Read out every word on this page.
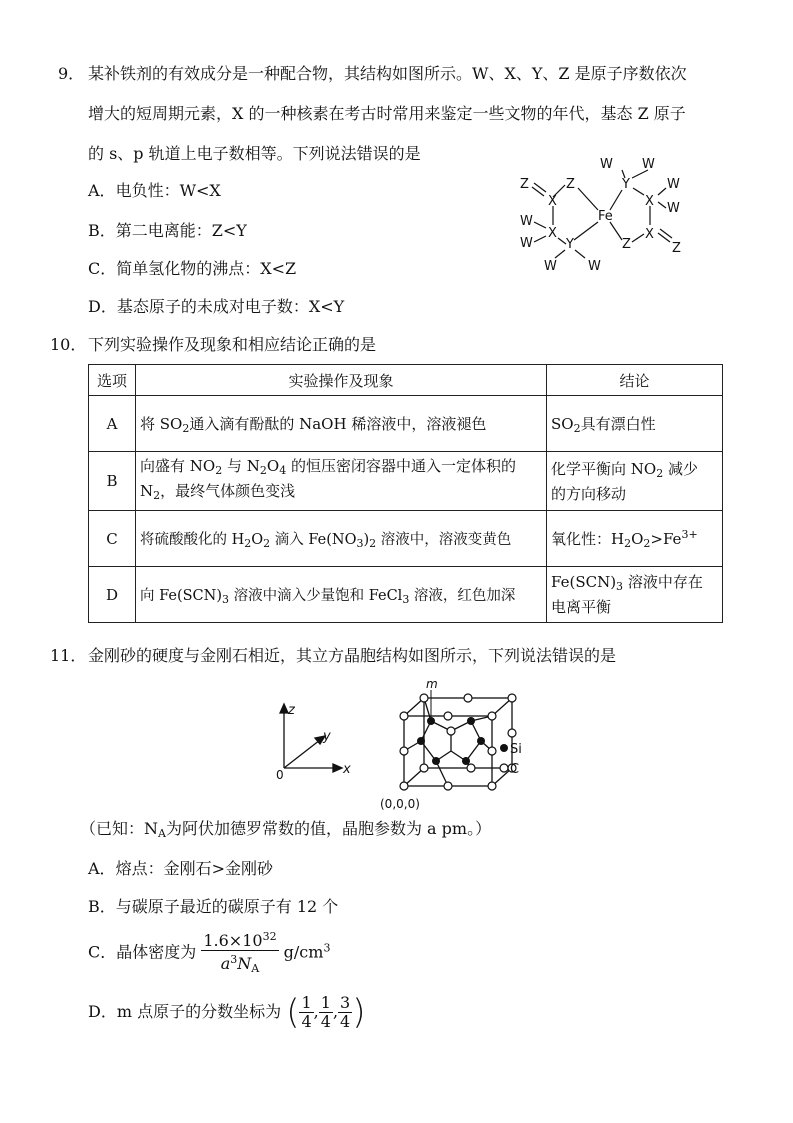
9． 某补铁剂的有效成分是一种配合物，其结构如图所示。W、X、Y、Z 是原子序数依次
增大的短周期元素，X 的一种核素在考古时常用来鉴定一些文物的年代，基态 Z 原子
的 s、p 轨道上电子数相等。下列说法错误的是
A．电负性：W<X
B．第二电离能：Z<Y
C．简单氢化物的沸点：X<Z
D．基态原子的未成对电子数：X<Y
Fe
Z	Z
X
X
Y
W
W
W W
Y
W W
X
W
W
X
Z	Z
10． 下列实验操作及现象和相应结论正确的是
选项	实验操作及现象	结论
A	将 $SO_2$通入滴有酚酞的 NaOH 稀溶液中，溶液褪色	$SO_2$具有漂白性
B	向盛有 $NO_2$ 与 $N_2O_4$ 的恒压密闭容器中通入一定体积的
$N_2$，最终气体颜色变浅	化学平衡向 $NO_2$ 减少
的方向移动
C	将硫酸酸化的 $H_2O_2$ 滴入 $Fe(NO_3)_2$ 溶液中，溶液变黄色	氧化性：$H_2O_2>Fe^{3+}$
D	向 $Fe(SCN)_3$ 溶液中滴入少量饱和 FeCl$_3$ 溶液，红色加深	$Fe(SCN)_3$ 溶液中存在
电离平衡
11． 金刚砂的硬度与金刚石相近，其立方晶胞结构如图所示，下列说法错误的是
z
y
x
0
m
(0,0,0)
Si
C
（已知：$N_A$为阿伏加德罗常数的值，晶胞参数为 a pm。）
A．熔点：金刚石>金刚砂
B．与碳原子最近的碳原子有 12 个
C．晶体密度为 $\frac{1.6\times 10^{32}}{a^3N_A} g/cm^3$
D．m 点原子的分数坐标为 ( $\frac{1}{4}$ , $\frac{1}{4}$ , $\frac{3}{4}$ )
